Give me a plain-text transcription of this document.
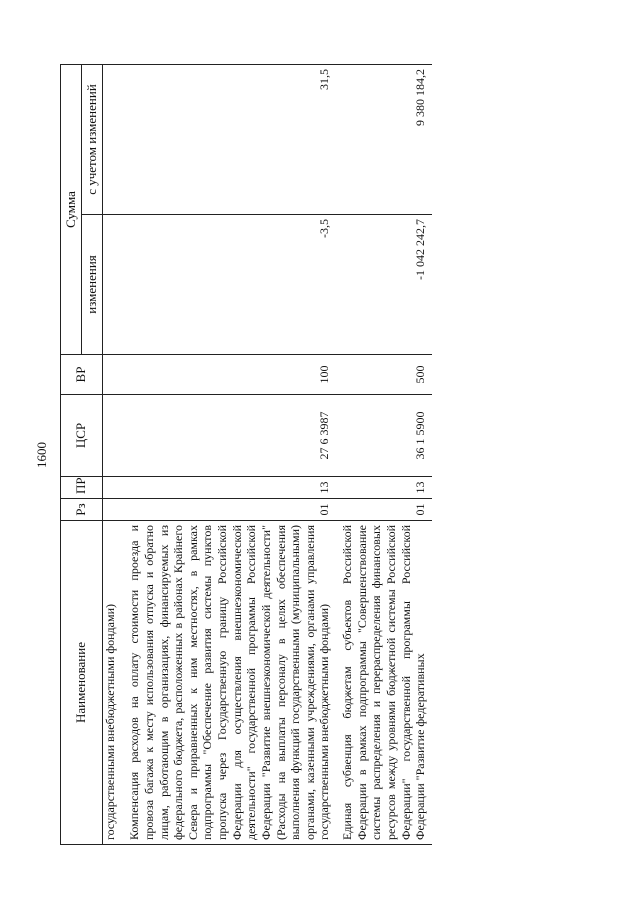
1600
Наименование	Рз	ПР	ЦСР	ВР	Сумма	
					изменения	с учетом изменений
государственными внебюджетными фондами)						
Компенсация расходов на оплату стоимости проезда и провоза багажа к месту использования отпуска и обратно лицам, работающим в организациях, финансируемых из федерального бюджета, расположенных в районах Крайнего Севера и приравненных к ним местностях, в рамках подпрограммы "Обеспечение развития системы пунктов пропуска через Государственную границу Российской Федерации для осуществления внешнеэкономической деятельности" государственной программы Российской Федерации "Развитие внешнеэкономической деятельности" (Расходы на выплаты персоналу в целях обеспечения выполнения функций государственными (муниципальными) органами, казенными учреждениями, органами управления государственными внебюджетными фондами)	01	13	27 6 3987	100	-3,5	31,5
Единая субвенция бюджетам субъектов Российской Федерации в рамках подпрограммы "Совершенствование системы распределения и перераспределения финансовых ресурсов между уровнями бюджетной системы Российской Федерации" государственной программы Российской Федерации "Развитие федеративных	01	13	36 1 5900	500	-1 042 242,7	9 380 184,2
